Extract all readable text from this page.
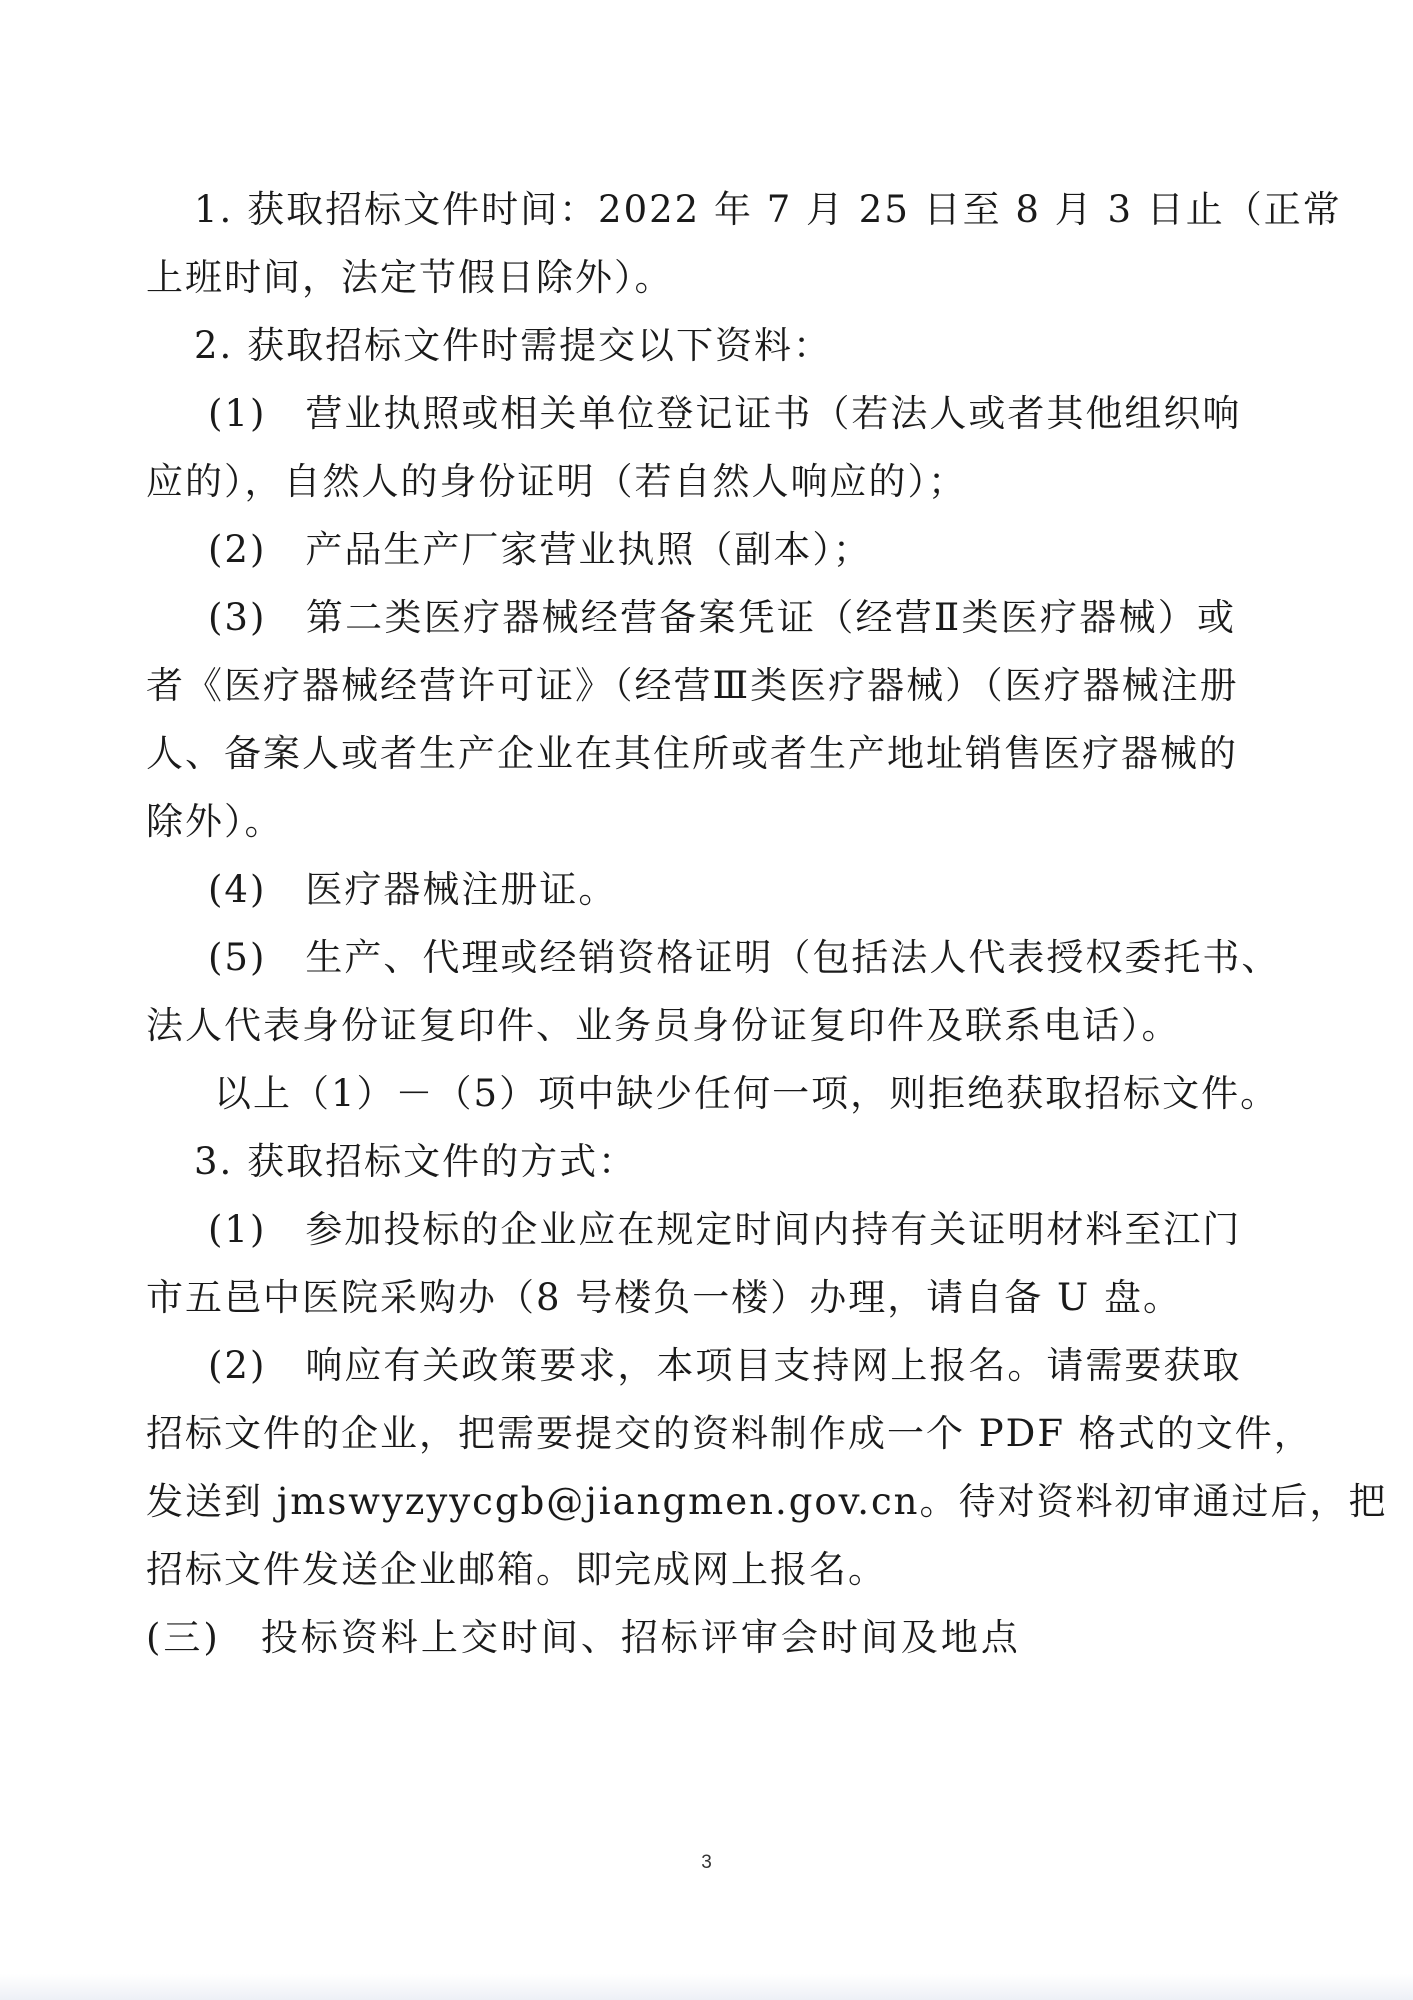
1. 获取招标文件时间：2022 年 7 月 25 日至 8 月 3 日止（正常
上班时间，法定节假日除外）。
2. 获取招标文件时需提交以下资料：
(1)　营业执照或相关单位登记证书（若法人或者其他组织响
应的），自然人的身份证明（若自然人响应的）；
(2)　产品生产厂家营业执照（副本）；
(3)　第二类医疗器械经营备案凭证（经营Ⅱ类医疗器械）或
者《医疗器械经营许可证》（经营Ⅲ类医疗器械）（医疗器械注册
人、备案人或者生产企业在其住所或者生产地址销售医疗器械的
除外）。
(4)　医疗器械注册证。
(5)　生产、代理或经销资格证明（包括法人代表授权委托书、
法人代表身份证复印件、业务员身份证复印件及联系电话）。
以上（1）－（5）项中缺少任何一项，则拒绝获取招标文件。
3. 获取招标文件的方式：
(1)　参加投标的企业应在规定时间内持有关证明材料至江门
市五邑中医院采购办（8 号楼负一楼）办理，请自备 U 盘。
(2)　响应有关政策要求，本项目支持网上报名。请需要获取
招标文件的企业，把需要提交的资料制作成一个 PDF 格式的文件，
发送到 jmswyzyycgb@jiangmen.gov.cn。待对资料初审通过后，把
招标文件发送企业邮箱。即完成网上报名。
(三)　投标资料上交时间、招标评审会时间及地点
3
